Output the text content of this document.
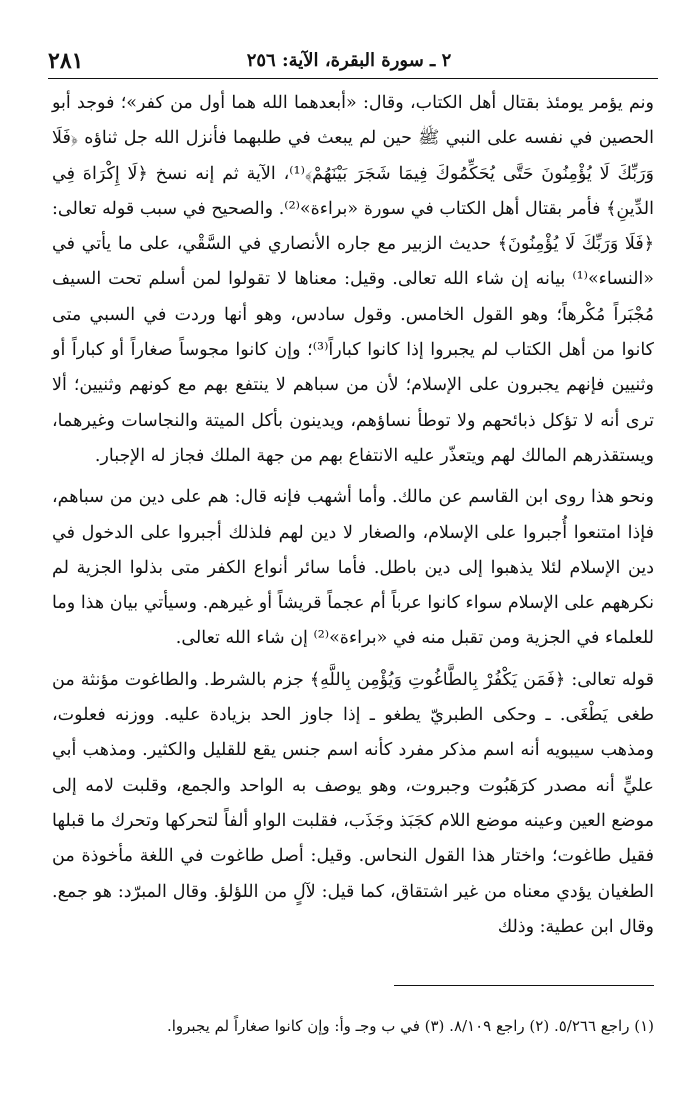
٢٨١	٢ ـ سورة البقرة، الآية: ٢٥٦

ونم يؤمر يومئذ بقتال أهل الكتاب، وقال: «أبعدهما الله هما أول من كفر»؛ فوجد أبو الحصين في نفسه على النبي ﷺ حين لم يبعث في طلبهما فأنزل الله جل ثناؤه ﴿فَلَا وَرَبِّكَ لَا يُؤْمِنُونَ حَتَّى يُحَكِّمُوكَ فِيمَا شَجَرَ بَيْنَهُمْ﴾⁽¹⁾، الآية ثم إنه نسخ ﴿لَا إِكْرَاهَ فِي الدِّينِ﴾ فأمر بقتال أهل الكتاب في سورة «براءة»⁽²⁾. والصحيح في سبب قوله تعالى: ﴿فَلَا وَرَبِّكَ لَا يُؤْمِنُونَ﴾ حديث الزبير مع جاره الأنصاري في السَّقْي، على ما يأتي في «النساء»⁽¹⁾ بيانه إن شاء الله تعالى. وقيل: معناها لا تقولوا لمن أسلم تحت السيف مُجْبَراً مُكْرهاً؛ وهو القول الخامس. وقول سادس، وهو أنها وردت في السبي متى كانوا من أهل الكتاب لم يجبروا إذا كانوا كباراً⁽³⁾؛ وإن كانوا مجوساً صغاراً أو كباراً أو وثنيين فإنهم يجبرون على الإسلام؛ لأن من سباهم لا ينتفع بهم مع كونهم وثنيين؛ ألا ترى أنه لا تؤكل ذبائحهم ولا توطأ نساؤهم، ويدينون بأكل الميتة والنجاسات وغيرهما، ويستقذرهم المالك لهم ويتعذّر عليه الانتفاع بهم من جهة الملك فجاز له الإجبار.

ونحو هذا روى ابن القاسم عن مالك. وأما أشهب فإنه قال: هم على دين من سباهم، فإذا امتنعوا أُجبروا على الإسلام، والصغار لا دين لهم فلذلك أجبروا على الدخول في دين الإسلام لئلا يذهبوا إلى دين باطل. فأما سائر أنواع الكفر متى بذلوا الجزية لم نكرههم على الإسلام سواء كانوا عرباً أم عجماً قريشاً أو غيرهم. وسيأتي بيان هذا وما للعلماء في الجزية ومن تقبل منه في «براءة»⁽²⁾ إن شاء الله تعالى.

قوله تعالى: ﴿فَمَن يَكْفُرْ بِالطَّاغُوتِ وَيُؤْمِن بِاللَّهِ﴾ جزم بالشرط. والطاغوت مؤنثة من طغى يَطْغَى. ـ وحكى الطبريّ يطغو ـ إذا جاوز الحد بزيادة عليه. ووزنه فعلوت، ومذهب سيبويه أنه اسم مذكر مفرد كأنه اسم جنس يقع للقليل والكثير. ومذهب أبي عليٍّ أنه مصدر كرَهَبُوت وجبروت، وهو يوصف به الواحد والجمع، وقلبت لامه إلى موضع العين وعينه موضع اللام كجَبَذ وجَذَب، فقلبت الواو ألفاً لتحركها وتحرك ما قبلها فقيل طاغوت؛ واختار هذا القول النحاس. وقيل: أصل طاغوت في اللغة مأخوذة من الطغيان يؤدي معناه من غير اشتقاق، كما قيل: لآلٍ من اللؤلؤ. وقال المبرّد: هو جمع. وقال ابن عطية: وذلك

(١) راجع ٥/٢٦٦. (٢) راجع ٨/١٠٩. (٣) في ب وجـ وأ: وإن كانوا صغاراً لم يجبروا.
